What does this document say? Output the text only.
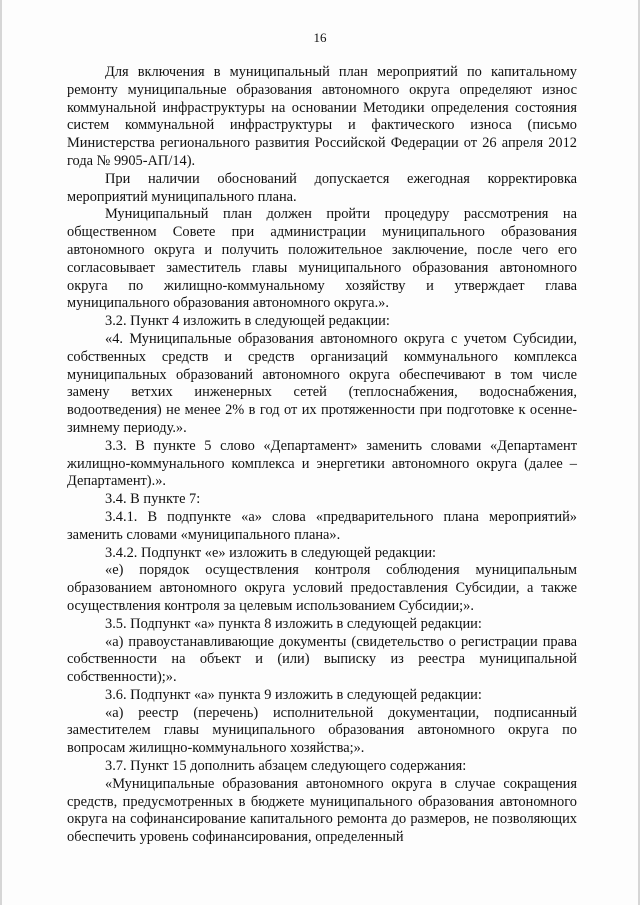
16

Для включения в муниципальный план мероприятий по капитальному ремонту муниципальные образования автономного округа определяют износ коммунальной инфраструктуры на основании Методики определения состояния систем коммунальной инфраструктуры и фактического износа (письмо Министерства регионального развития Российской Федерации от 26 апреля 2012 года № 9905-АП/14).

При наличии обоснований допускается ежегодная корректировка мероприятий муниципального плана.

Муниципальный план должен пройти процедуру рассмотрения на общественном Совете при администрации муниципального образования автономного округа и получить положительное заключение, после чего его согласовывает заместитель главы муниципального образования автономного округа по жилищно-коммунальному хозяйству и утверждает глава муниципального образования автономного округа.».

3.2. Пункт 4 изложить в следующей редакции:

«4. Муниципальные образования автономного округа с учетом Субсидии, собственных средств и средств организаций коммунального комплекса муниципальных образований автономного округа обеспечивают в том числе замену ветхих инженерных сетей (теплоснабжения, водоснабжения, водоотведения) не менее 2% в год от их протяженности при подготовке к осенне-зимнему периоду.».

3.3. В пункте 5 слово «Департамент» заменить словами «Департамент жилищно-коммунального комплекса и энергетики автономного округа (далее – Департамент).».

3.4. В пункте 7:

3.4.1. В подпункте «а» слова «предварительного плана мероприятий» заменить словами «муниципального плана».

3.4.2. Подпункт «е» изложить в следующей редакции:

«е) порядок осуществления контроля соблюдения муниципальным образованием автономного округа условий предоставления Субсидии, а также осуществления контроля за целевым использованием Субсидии;».

3.5. Подпункт «а» пункта 8 изложить в следующей редакции:

«а) правоустанавливающие документы (свидетельство о регистрации права собственности на объект и (или) выписку из реестра муниципальной собственности);».

3.6. Подпункт «а» пункта 9 изложить в следующей редакции:

«а) реестр (перечень) исполнительной документации, подписанный заместителем главы муниципального образования автономного округа по вопросам жилищно-коммунального хозяйства;».

3.7. Пункт 15 дополнить абзацем следующего содержания:

«Муниципальные образования автономного округа в случае сокращения средств, предусмотренных в бюджете муниципального образования автономного округа на софинансирование капитального ремонта до размеров, не позволяющих обеспечить уровень софинансирования, определенный
